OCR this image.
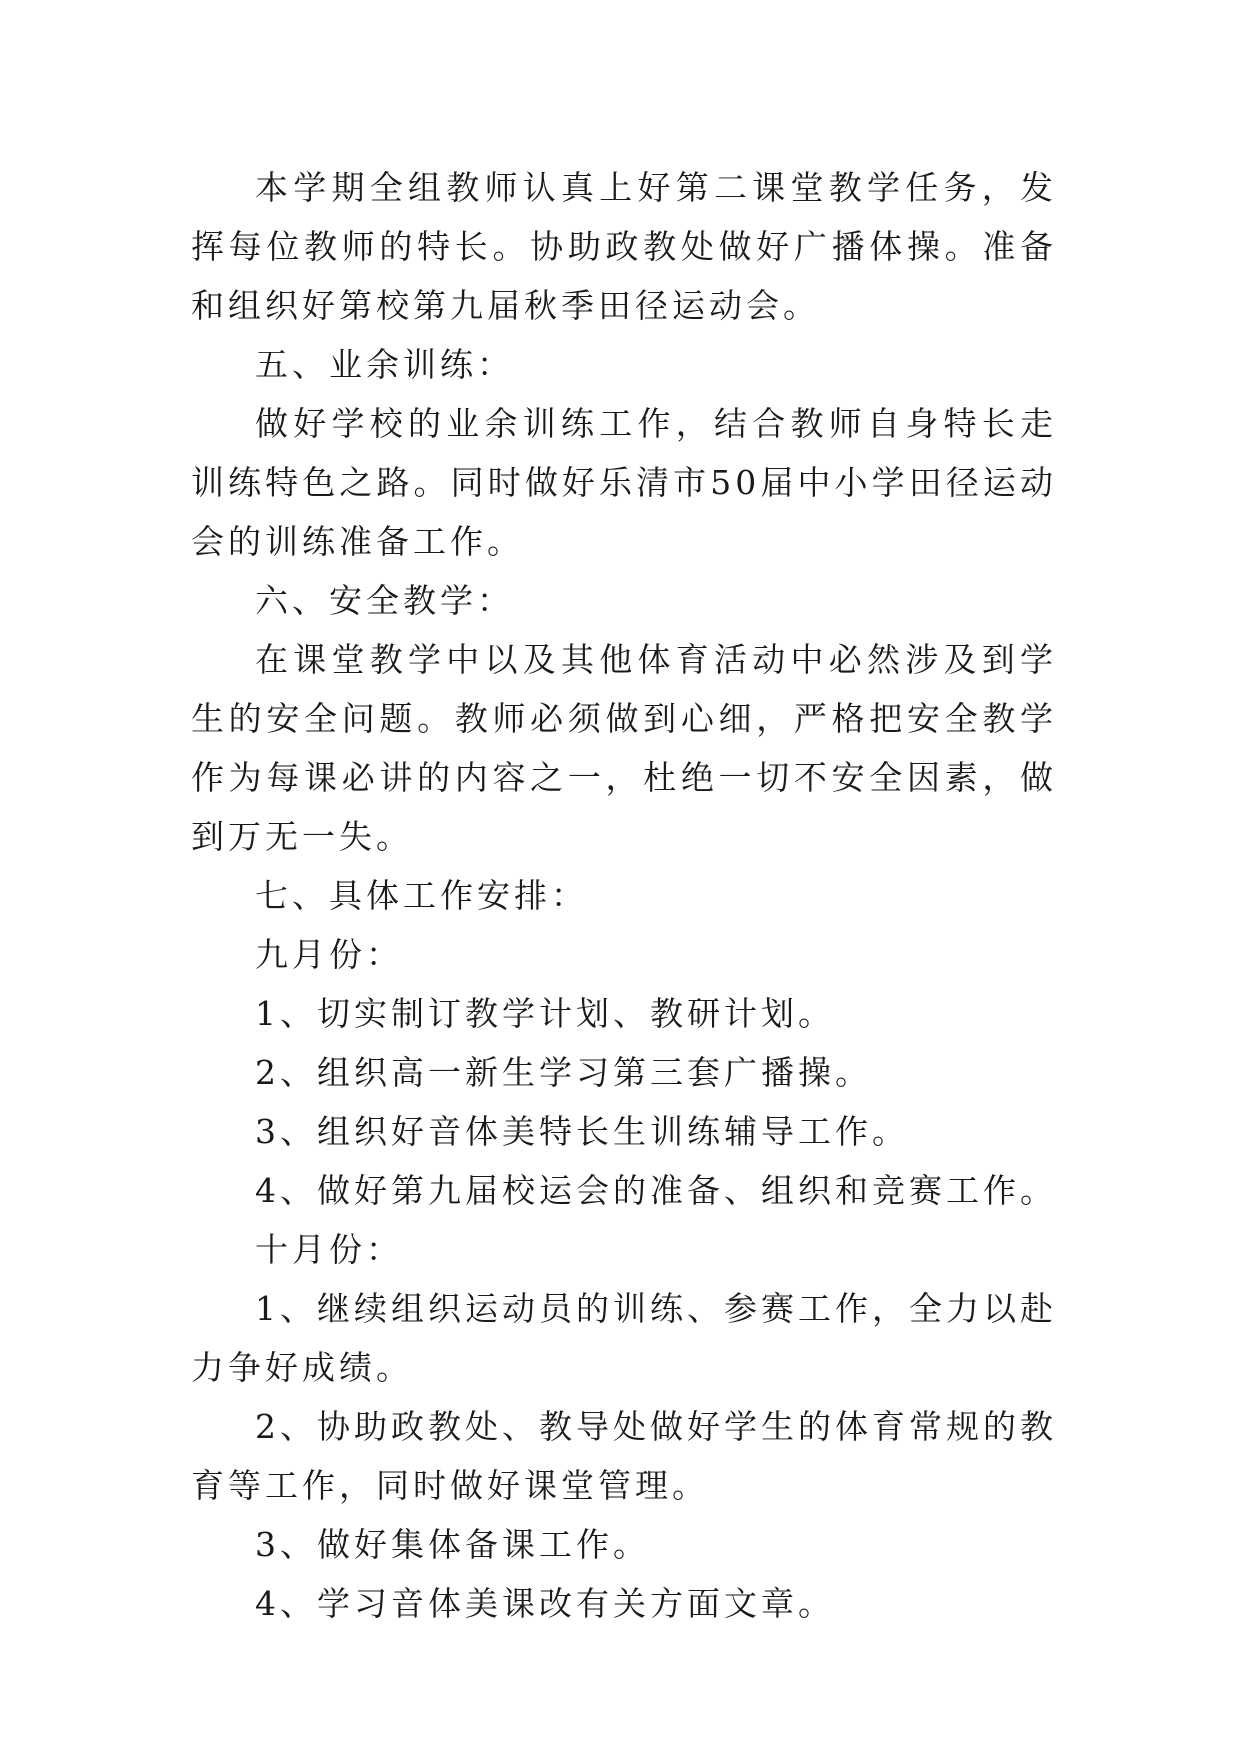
本学期全组教师认真上好第二课堂教学任务，发挥每位教师的特长。协助政教处做好广播体操。准备和组织好第校第九届秋季田径运动会。

五、业余训练：

做好学校的业余训练工作，结合教师自身特长走训练特色之路。同时做好乐清市50届中小学田径运动会的训练准备工作。

六、安全教学：

在课堂教学中以及其他体育活动中必然涉及到学生的安全问题。教师必须做到心细，严格把安全教学作为每课必讲的内容之一，杜绝一切不安全因素，做到万无一失。

七、具体工作安排：

九月份：

1、切实制订教学计划、教研计划。

2、组织高一新生学习第三套广播操。

3、组织好音体美特长生训练辅导工作。

4、做好第九届校运会的准备、组织和竞赛工作。

十月份：

1、继续组织运动员的训练、参赛工作，全力以赴力争好成绩。

2、协助政教处、教导处做好学生的体育常规的教育等工作，同时做好课堂管理。

3、做好集体备课工作。

4、学习音体美课改有关方面文章。
